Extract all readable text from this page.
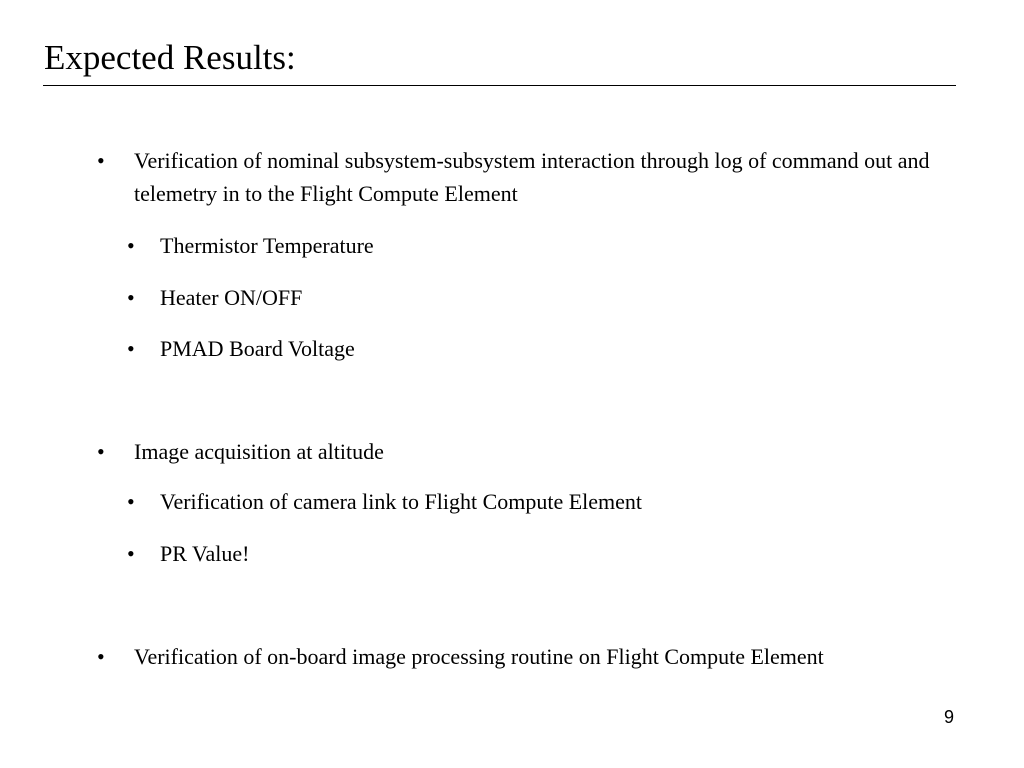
Expected Results:
• Verification of nominal subsystem-subsystem interaction through log of command out and telemetry in to the Flight Compute Element
• Thermistor Temperature
• Heater ON/OFF
• PMAD Board Voltage
• Image acquisition at altitude
• Verification of camera link to Flight Compute Element
• PR Value!
• Verification of on-board image processing routine on Flight Compute Element
9
